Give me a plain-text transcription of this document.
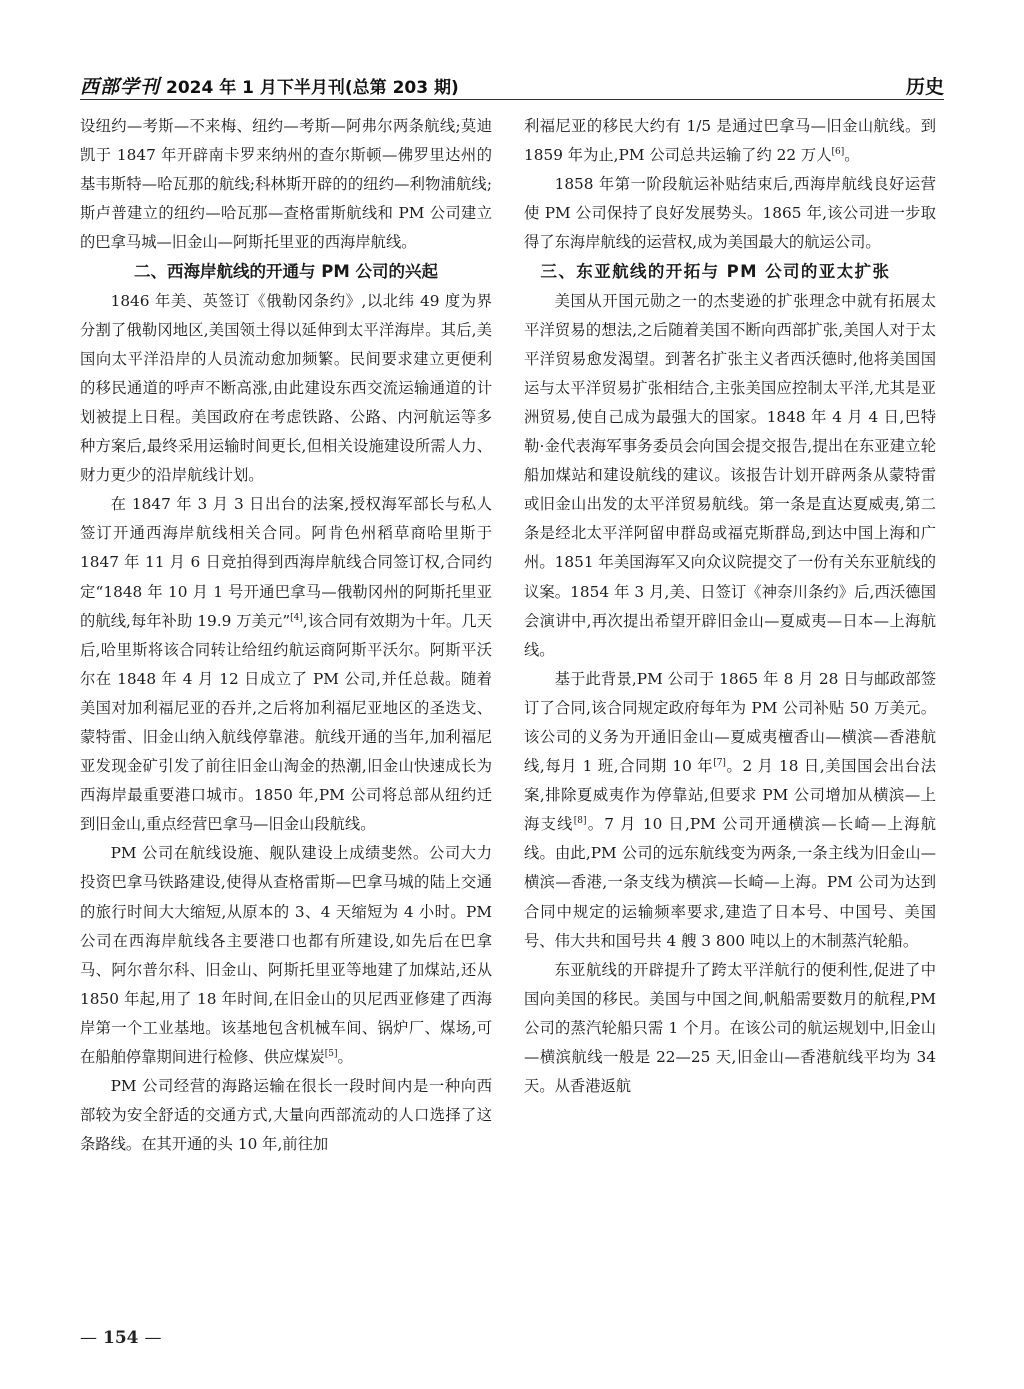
西部学刊 2024 年 1 月下半月刊(总第 203 期)	历史

设纽约—考斯—不来梅、纽约—考斯—阿弗尔两条航线;莫迪凯于 1847 年开辟南卡罗来纳州的查尔斯顿—佛罗里达州的基韦斯特—哈瓦那的航线;科林斯开辟的的纽约—利物浦航线;斯卢普建立的纽约—哈瓦那—查格雷斯航线和 PM 公司建立的巴拿马城—旧金山—阿斯托里亚的西海岸航线。

二、西海岸航线的开通与 PM 公司的兴起

1846 年美、英签订《俄勒冈条约》,以北纬 49 度为界分割了俄勒冈地区,美国领土得以延伸到太平洋海岸。其后,美国向太平洋沿岸的人员流动愈加频繁。民间要求建立更便利的移民通道的呼声不断高涨,由此建设东西交流运输通道的计划被提上日程。美国政府在考虑铁路、公路、内河航运等多种方案后,最终采用运输时间更长,但相关设施建设所需人力、财力更少的沿岸航线计划。

在 1847 年 3 月 3 日出台的法案,授权海军部长与私人签订开通西海岸航线相关合同。阿肯色州稻草商哈里斯于 1847 年 11 月 6 日竞拍得到西海岸航线合同签订权,合同约定“1848 年 10 月 1 号开通巴拿马—俄勒冈州的阿斯托里亚的航线,每年补助 19.9 万美元”[4],该合同有效期为十年。几天后,哈里斯将该合同转让给纽约航运商阿斯平沃尔。阿斯平沃尔在 1848 年 4 月 12 日成立了 PM 公司,并任总裁。随着美国对加利福尼亚的吞并,之后将加利福尼亚地区的圣迭戈、蒙特雷、旧金山纳入航线停靠港。航线开通的当年,加利福尼亚发现金矿引发了前往旧金山淘金的热潮,旧金山快速成长为西海岸最重要港口城市。1850 年,PM 公司将总部从纽约迁到旧金山,重点经营巴拿马—旧金山段航线。

PM 公司在航线设施、舰队建设上成绩斐然。公司大力投资巴拿马铁路建设,使得从查格雷斯—巴拿马城的陆上交通的旅行时间大大缩短,从原本的 3、4 天缩短为 4 小时。PM 公司在西海岸航线各主要港口也都有所建设,如先后在巴拿马、阿尔普尔科、旧金山、阿斯托里亚等地建了加煤站,还从 1850 年起,用了 18 年时间,在旧金山的贝尼西亚修建了西海岸第一个工业基地。该基地包含机械车间、锅炉厂、煤场,可在船舶停靠期间进行检修、供应煤炭[5]。

PM 公司经营的海路运输在很长一段时间内是一种向西部较为安全舒适的交通方式,大量向西部流动的人口选择了这条路线。在其开通的头 10 年,前往加

利福尼亚的移民大约有 1/5 是通过巴拿马—旧金山航线。到 1859 年为止,PM 公司总共运输了约 22 万人[6]。

1858 年第一阶段航运补贴结束后,西海岸航线良好运营使 PM 公司保持了良好发展势头。1865 年,该公司进一步取得了东海岸航线的运营权,成为美国最大的航运公司。

三、东亚航线的开拓与 PM 公司的亚太扩张

美国从开国元勋之一的杰斐逊的扩张理念中就有拓展太平洋贸易的想法,之后随着美国不断向西部扩张,美国人对于太平洋贸易愈发渴望。到著名扩张主义者西沃德时,他将美国国运与太平洋贸易扩张相结合,主张美国应控制太平洋,尤其是亚洲贸易,使自己成为最强大的国家。1848 年 4 月 4 日,巴特勒·金代表海军事务委员会向国会提交报告,提出在东亚建立轮船加煤站和建设航线的建议。该报告计划开辟两条从蒙特雷或旧金山出发的太平洋贸易航线。第一条是直达夏威夷,第二条是经北太平洋阿留申群岛或福克斯群岛,到达中国上海和广州。1851 年美国海军又向众议院提交了一份有关东亚航线的议案。1854 年 3 月,美、日签订《神奈川条约》后,西沃德国会演讲中,再次提出希望开辟旧金山—夏威夷—日本—上海航线。

基于此背景,PM 公司于 1865 年 8 月 28 日与邮政部签订了合同,该合同规定政府每年为 PM 公司补贴 50 万美元。该公司的义务为开通旧金山—夏威夷檀香山—横滨—香港航线,每月 1 班,合同期 10 年[7]。2 月 18 日,美国国会出台法案,排除夏威夷作为停靠站,但要求 PM 公司增加从横滨—上海支线[8]。7 月 10 日,PM 公司开通横滨—长崎—上海航线。由此,PM 公司的远东航线变为两条,一条主线为旧金山—横滨—香港,一条支线为横滨—长崎—上海。PM 公司为达到合同中规定的运输频率要求,建造了日本号、中国号、美国号、伟大共和国号共 4 艘 3 800 吨以上的木制蒸汽轮船。

东亚航线的开辟提升了跨太平洋航行的便利性,促进了中国向美国的移民。美国与中国之间,帆船需要数月的航程,PM 公司的蒸汽轮船只需 1 个月。在该公司的航运规划中,旧金山—横滨航线一般是 22—25 天,旧金山—香港航线平均为 34 天。从香港返航

— 154 —
